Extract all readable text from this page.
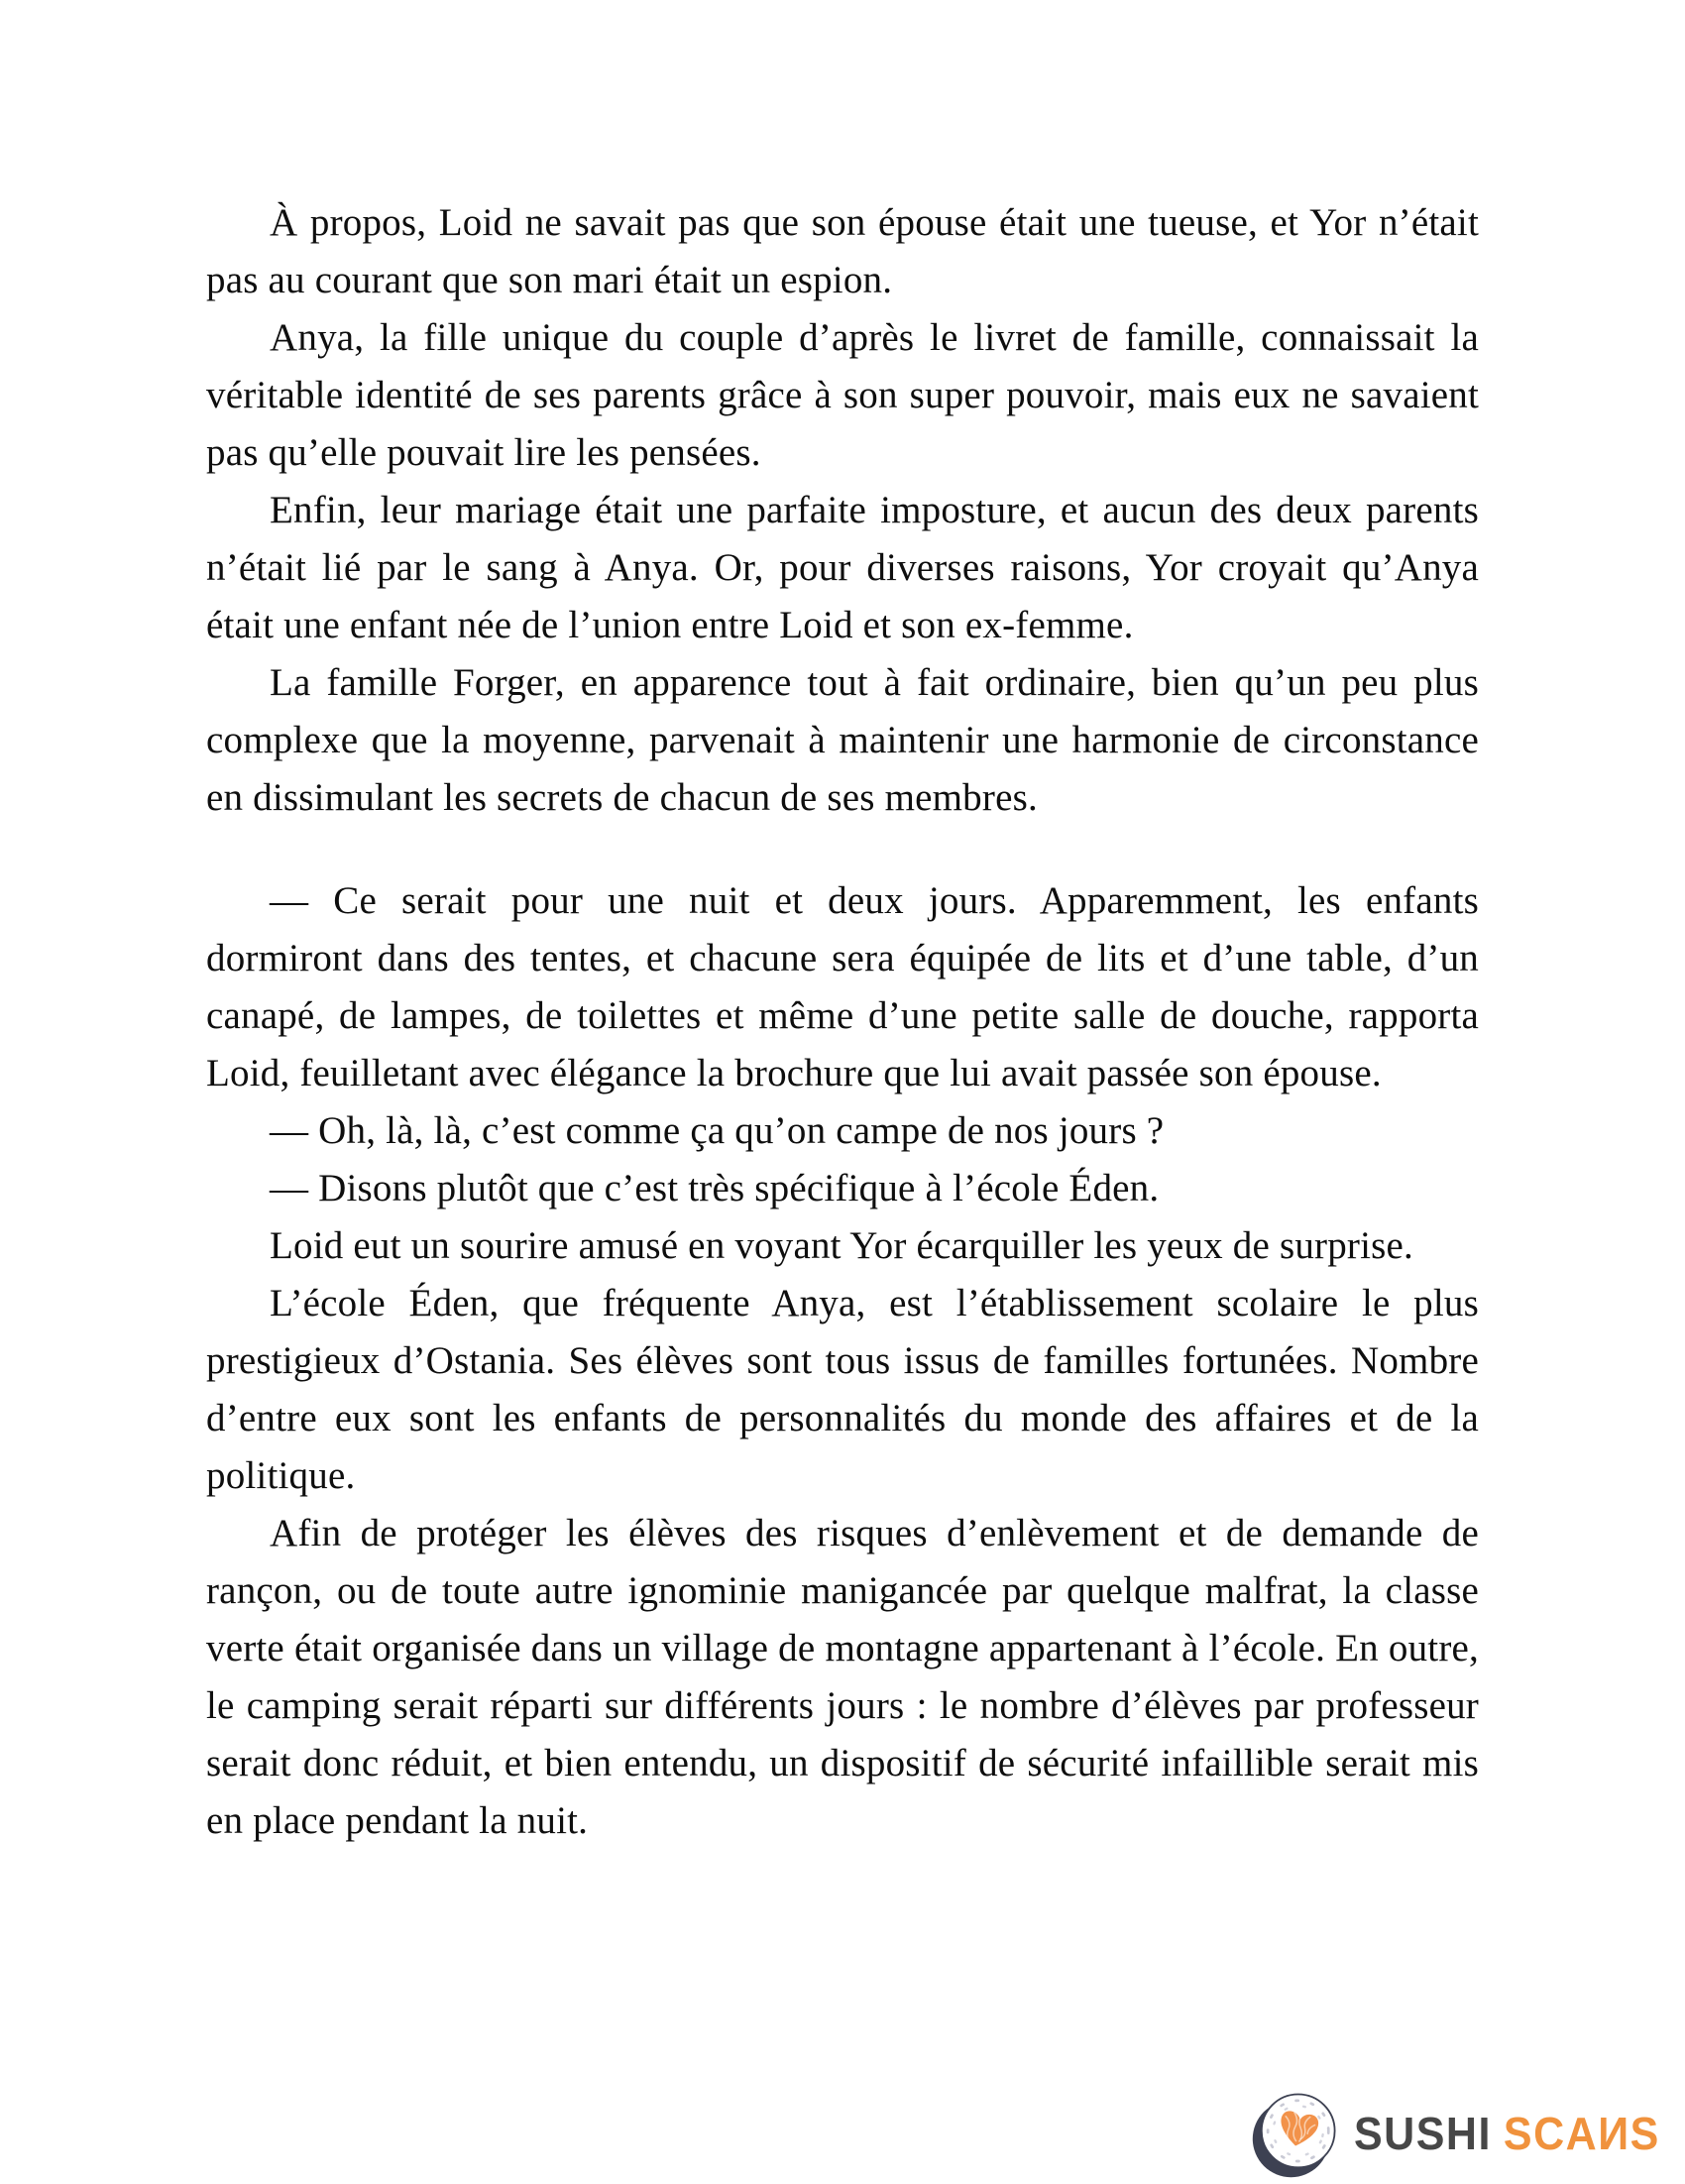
À propos, Loid ne savait pas que son épouse était une tueuse, et Yor n’était pas au courant que son mari était un espion.

Anya, la fille unique du couple d’après le livret de famille, connaissait la véritable identité de ses parents grâce à son super pouvoir, mais eux ne savaient pas qu’elle pouvait lire les pensées.

Enfin, leur mariage était une parfaite imposture, et aucun des deux parents n’était lié par le sang à Anya. Or, pour diverses raisons, Yor croyait qu’Anya était une enfant née de l’union entre Loid et son ex-femme.

La famille Forger, en apparence tout à fait ordinaire, bien qu’un peu plus complexe que la moyenne, parvenait à maintenir une harmonie de circonstance en dissimulant les secrets de chacun de ses membres.

— Ce serait pour une nuit et deux jours. Apparemment, les enfants dormiront dans des tentes, et chacune sera équipée de lits et d’une table, d’un canapé, de lampes, de toilettes et même d’une petite salle de douche, rapporta Loid, feuilletant avec élégance la brochure que lui avait passée son épouse.

— Oh, là, là, c’est comme ça qu’on campe de nos jours ?

— Disons plutôt que c’est très spécifique à l’école Éden.

Loid eut un sourire amusé en voyant Yor écarquiller les yeux de surprise.

L’école Éden, que fréquente Anya, est l’établissement scolaire le plus prestigieux d’Ostania. Ses élèves sont tous issus de familles fortunées. Nombre d’entre eux sont les enfants de personnalités du monde des affaires et de la politique.

Afin de protéger les élèves des risques d’enlèvement et de demande de rançon, ou de toute autre ignominie manigancée par quelque malfrat, la classe verte était organisée dans un village de montagne appartenant à l’école. En outre, le camping serait réparti sur différents jours : le nombre d’élèves par professeur serait donc réduit, et bien entendu, un dispositif de sécurité infaillible serait mis en place pendant la nuit.

SUSHI SCAИS
